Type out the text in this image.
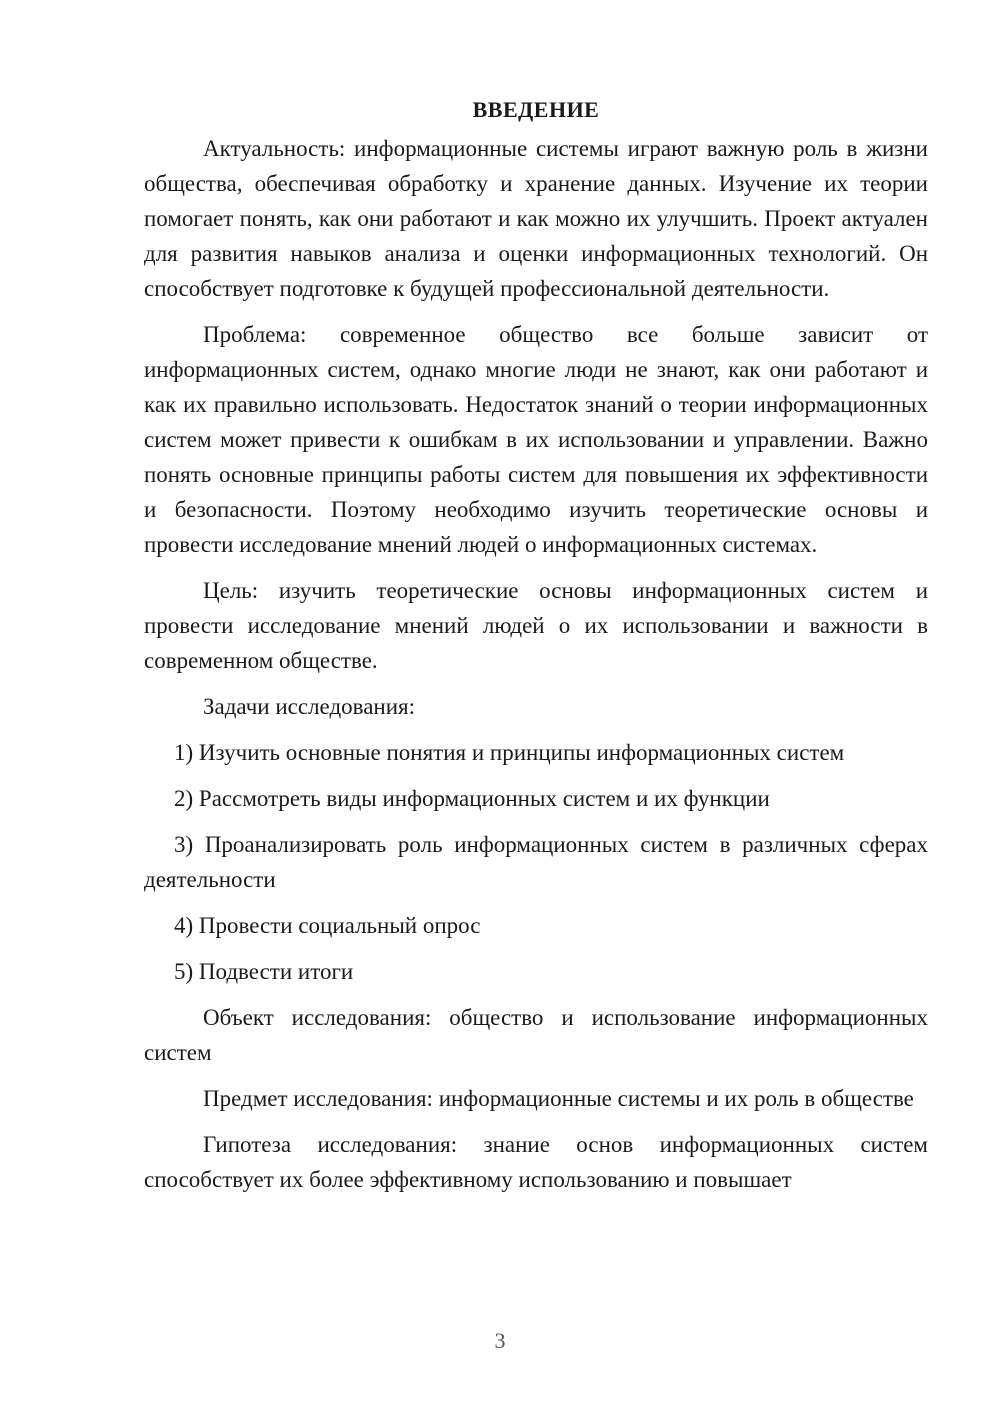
ВВЕДЕНИЕ

Актуальность: информационные системы играют важную роль в жизни общества, обеспечивая обработку и хранение данных. Изучение их теории помогает понять, как они работают и как можно их улучшить. Проект актуален для развития навыков анализа и оценки информационных технологий. Он способствует подготовке к будущей профессиональной деятельности.

Проблема: современное общество все больше зависит от информационных систем, однако многие люди не знают, как они работают и как их правильно использовать. Недостаток знаний о теории информационных систем может привести к ошибкам в их использовании и управлении. Важно понять основные принципы работы систем для повышения их эффективности и безопасности. Поэтому необходимо изучить теоретические основы и провести исследование мнений людей о информационных системах.

Цель: изучить теоретические основы информационных систем и провести исследование мнений людей о их использовании и важности в современном обществе.

Задачи исследования:

1) Изучить основные понятия и принципы информационных систем

2) Рассмотреть виды информационных систем и их функции

3) Проанализировать роль информационных систем в различных сферах деятельности

4) Провести социальный опрос

5) Подвести итоги

Объект исследования: общество и использование информационных систем

Предмет исследования: информационные системы и их роль в обществе

Гипотеза исследования: знание основ информационных систем способствует их более эффективному использованию и повышает

3
